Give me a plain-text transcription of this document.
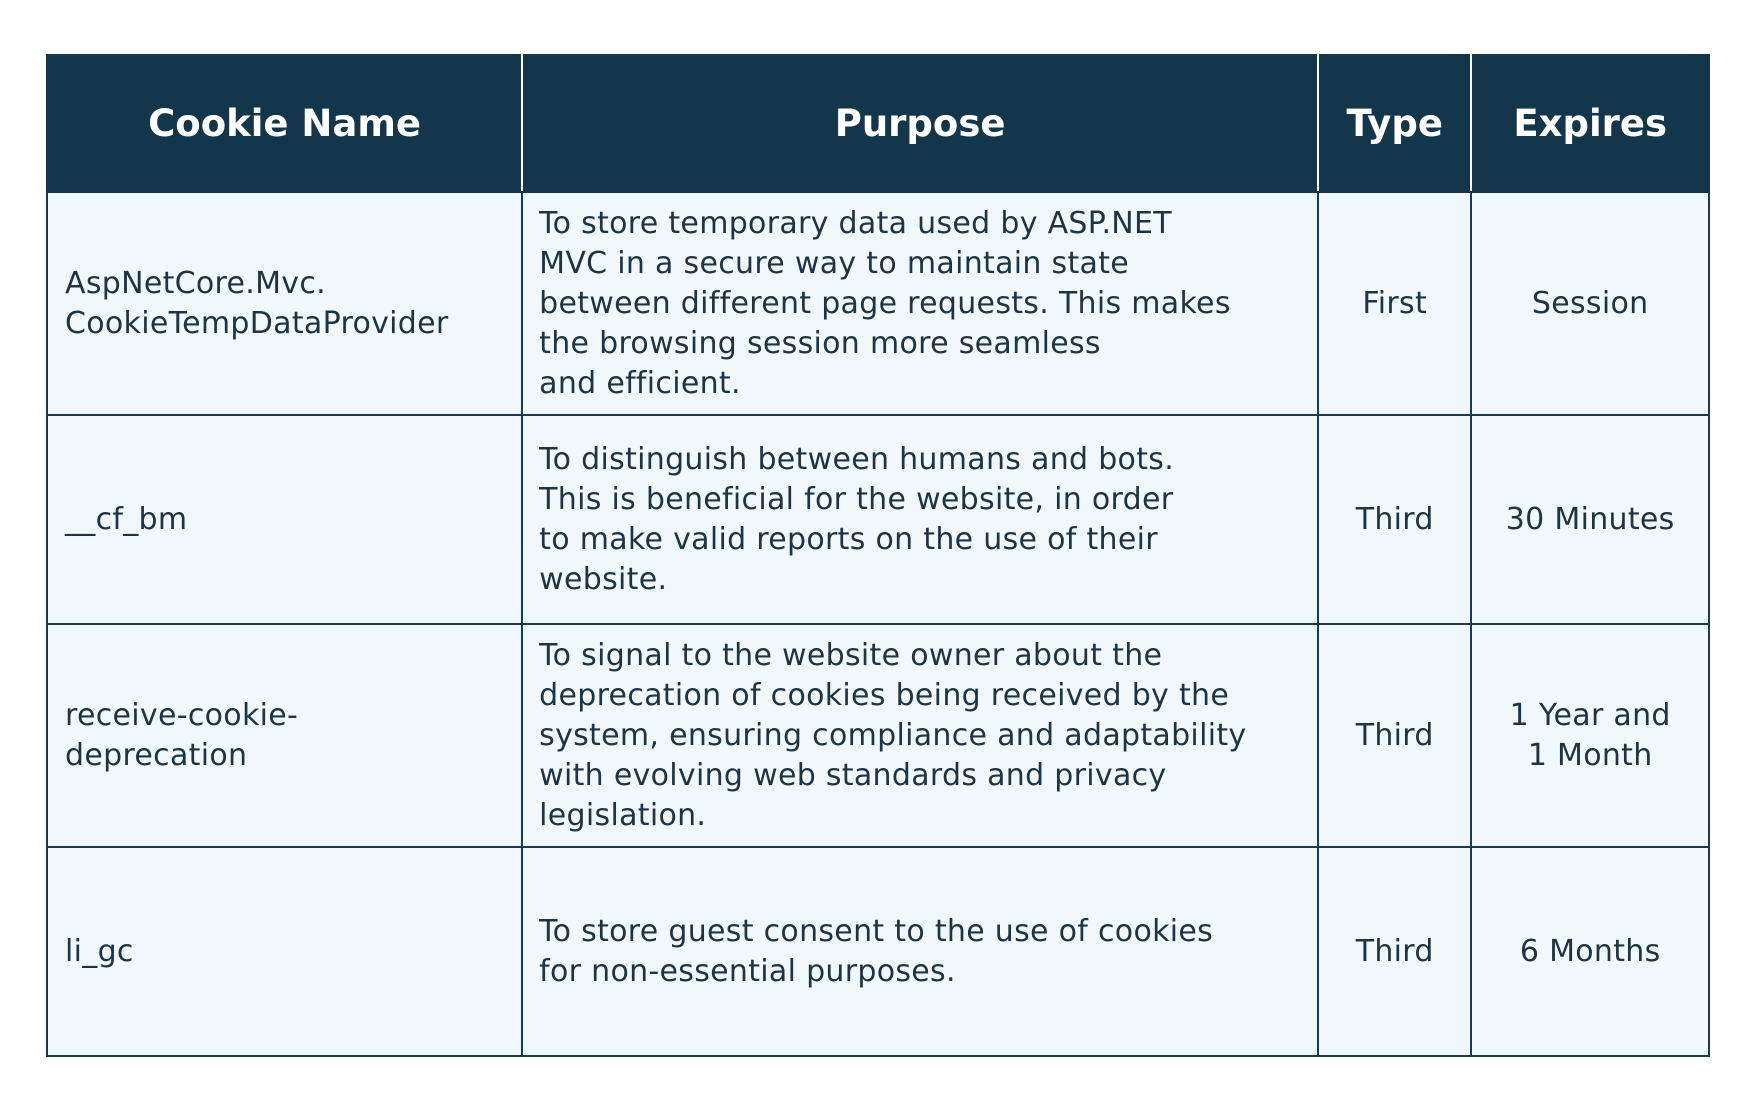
Cookie Name	Purpose	Type	Expires

AspNetCore.Mvc.
CookieTempDataProvider	To store temporary data used by ASP.NET
MVC in a secure way to maintain state
between different page requests. This makes
the browsing session more seamless
and efficient.	First	Session

__cf_bm	To distinguish between humans and bots.
This is beneficial for the website, in order
to make valid reports on the use of their
website.	Third	30 Minutes

receive-cookie-
deprecation	To signal to the website owner about the
deprecation of cookies being received by the
system, ensuring compliance and adaptability
with evolving web standards and privacy
legislation.	Third	1 Year and
1 Month

li_gc	To store guest consent to the use of cookies
for non-essential purposes.	Third	6 Months
